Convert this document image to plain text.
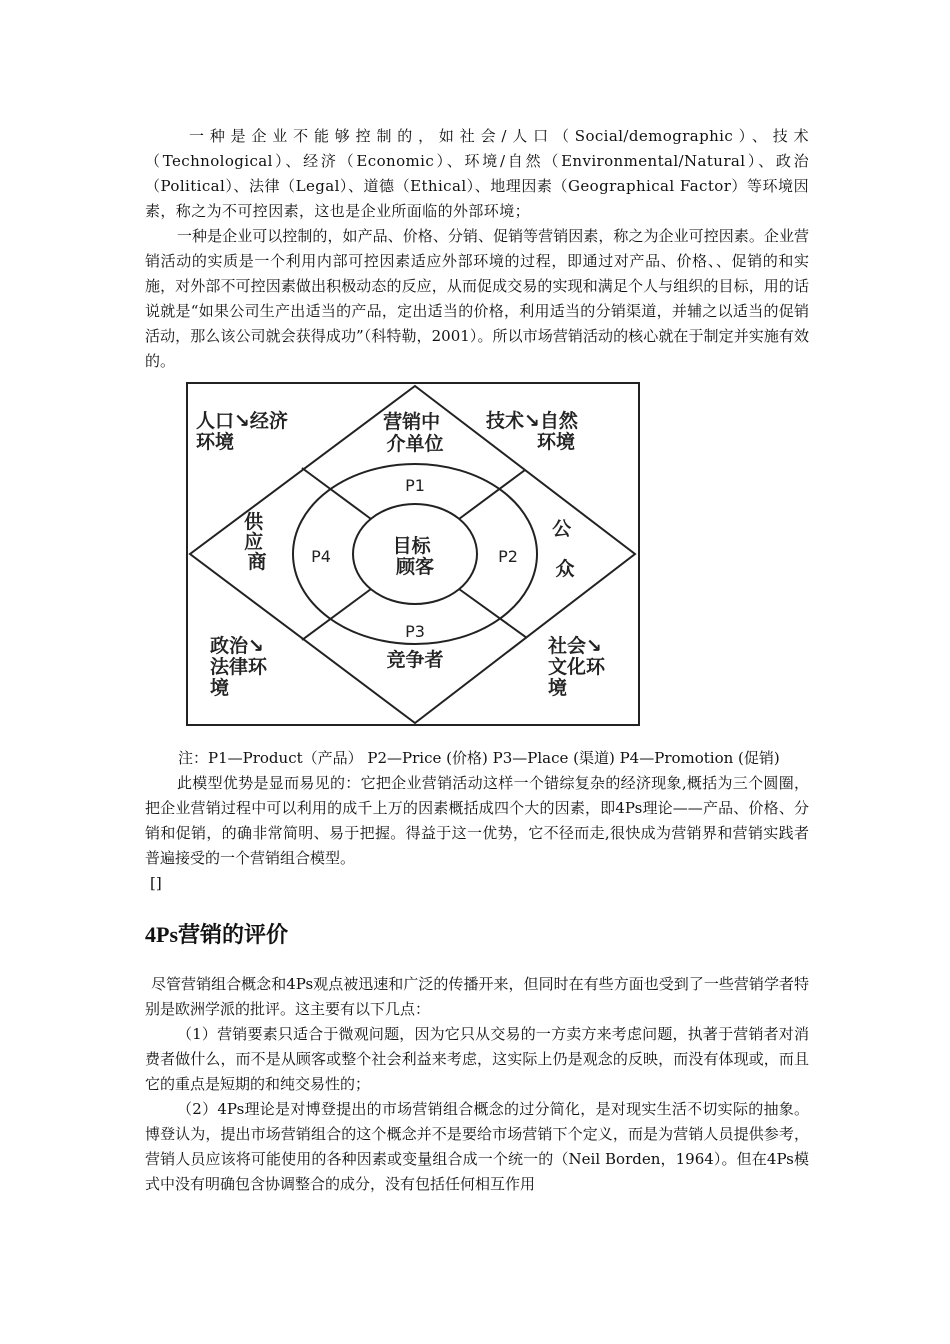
一种是企业不能够控制的，如社会/人口（Social/demographic）、技术（Technological）、经济（Economic）、环境/自然（Environmental/Natural）、政治（Political）、法律（Legal）、道德（Ethical）、地理因素（Geographical Factor）等环境因素，称之为不可控因素，这也是企业所面临的外部环境；

一种是企业可以控制的，如产品、价格、分销、促销等营销因素，称之为企业可控因素。企业营销活动的实质是一个利用内部可控因素适应外部环境的过程，即通过对产品、价格、、促销的和实施，对外部不可控因素做出积极动态的反应，从而促成交易的实现和满足个人与组织的目标，用的话说就是“如果公司生产出适当的产品，定出适当的价格，利用适当的分销渠道，并辅之以适当的促销活动，那么该公司就会获得成功”（科特勒，2001）。所以市场营销活动的核心就在于制定并实施有效的。

人口↘经济 环境
技术↘自然 环境
政治↘ 法律环 境
社会↘ 文化环 境
营销中 介单位
供 应 商
公 众
竞争者
P1
P2
P3
P4	目标 顾客

注：P1—Product（产品） P2—Price (价格) P3—Place (渠道) P4—Promotion (促销)

此模型优势是显而易见的：它把企业营销活动这样一个错综复杂的经济现象,概括为三个圆圈，把企业营销过程中可以利用的成千上万的因素概括成四个大的因素，即4Ps理论——产品、价格、分销和促销，的确非常简明、易于把握。得益于这一优势，它不径而走,很快成为营销界和营销实践者普遍接受的一个营销组合模型。

[]

4Ps营销的评价

尽管营销组合概念和4Ps观点被迅速和广泛的传播开来，但同时在有些方面也受到了一些营销学者特别是欧洲学派的批评。这主要有以下几点：

（1）营销要素只适合于微观问题，因为它只从交易的一方卖方来考虑问题，执著于营销者对消费者做什么，而不是从顾客或整个社会利益来考虑，这实际上仍是观念的反映，而没有体现或，而且它的重点是短期的和纯交易性的；

（2）4Ps理论是对博登提出的市场营销组合概念的过分简化，是对现实生活不切实际的抽象。博登认为，提出市场营销组合的这个概念并不是要给市场营销下个定义，而是为营销人员提供参考，营销人员应该将可能使用的各种因素或变量组合成一个统一的（Neil Borden，1964）。但在4Ps模式中没有明确包含协调整合的成分，没有包括任何相互作用
